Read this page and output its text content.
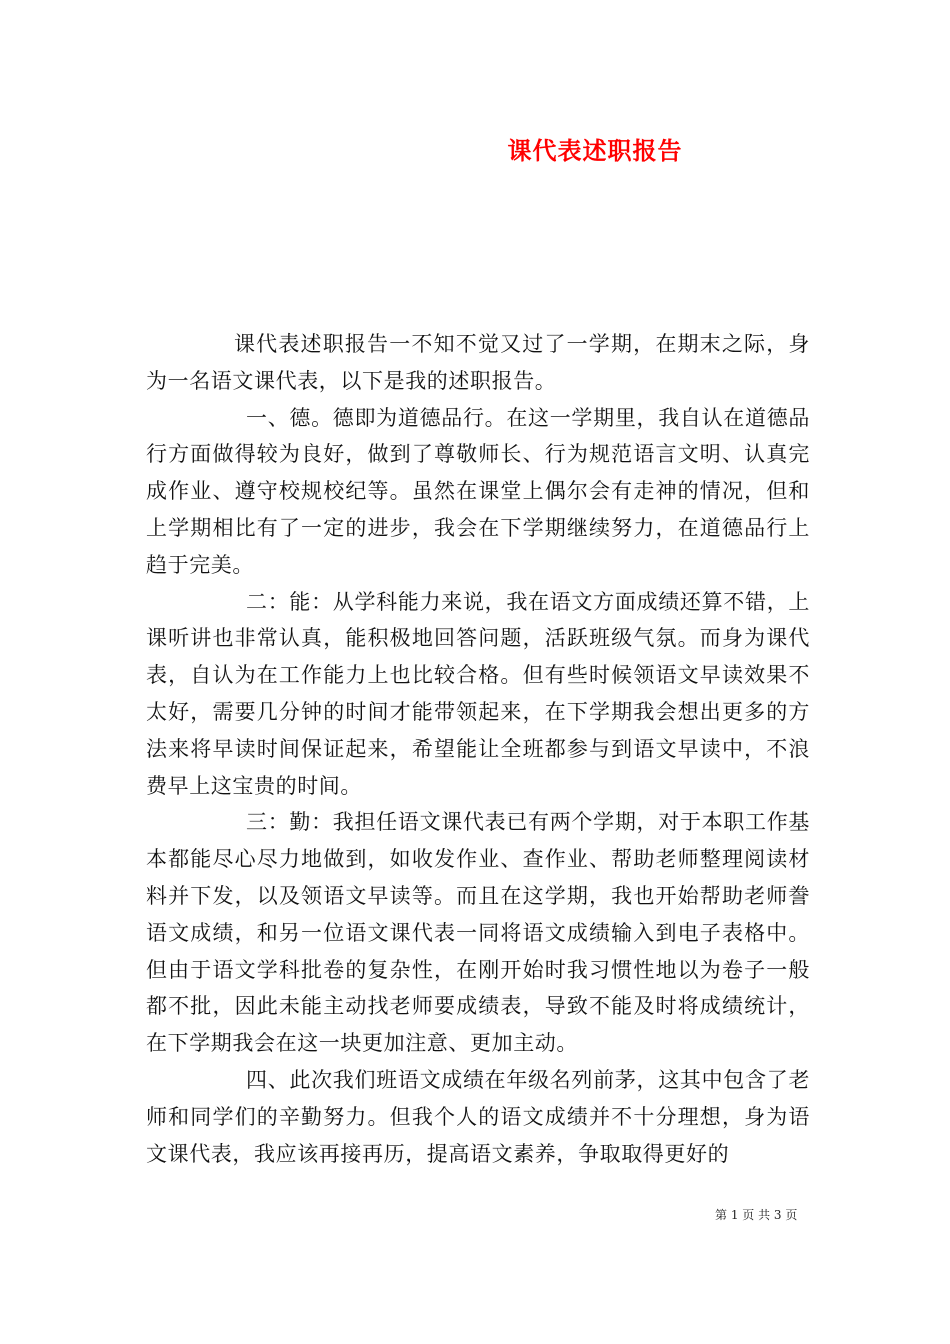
课代表述职报告

课代表述职报告一不知不觉又过了一学期，在期末之际，身为一名语文课代表，以下是我的述职报告。

一、德。德即为道德品行。在这一学期里，我自认在道德品行方面做得较为良好，做到了尊敬师长、行为规范语言文明、认真完成作业、遵守校规校纪等。虽然在课堂上偶尔会有走神的情况，但和上学期相比有了一定的进步，我会在下学期继续努力，在道德品行上趋于完美。

二：能：从学科能力来说，我在语文方面成绩还算不错，上课听讲也非常认真，能积极地回答问题，活跃班级气氛。而身为课代表，自认为在工作能力上也比较合格。但有些时候领语文早读效果不太好，需要几分钟的时间才能带领起来，在下学期我会想出更多的方法来将早读时间保证起来，希望能让全班都参与到语文早读中，不浪费早上这宝贵的时间。

三：勤：我担任语文课代表已有两个学期，对于本职工作基本都能尽心尽力地做到，如收发作业、查作业、帮助老师整理阅读材料并下发，以及领语文早读等。而且在这学期，我也开始帮助老师誊语文成绩，和另一位语文课代表一同将语文成绩输入到电子表格中。但由于语文学科批卷的复杂性，在刚开始时我习惯性地以为卷子一般都不批，因此未能主动找老师要成绩表，导致不能及时将成绩统计，在下学期我会在这一块更加注意、更加主动。

四、此次我们班语文成绩在年级名列前茅，这其中包含了老师和同学们的辛勤努力。但我个人的语文成绩并不十分理想，身为语文课代表，我应该再接再历，提高语文素养，争取取得更好的

第 1 页 共 3 页
